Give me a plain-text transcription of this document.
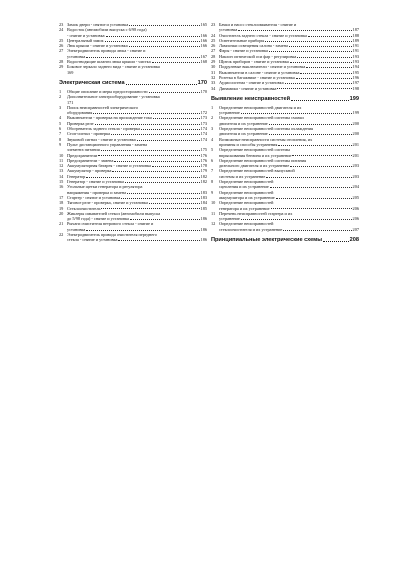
23 Замок двери - снятие и установка	165
24 Водосток (автомобили выпуска с 6/98 года)
- снятие и установка	166
25 Центральный замок	166
26 Люк крыши - снятие и установка	166
27 Электродвигатель привода люка - снятие и
установка	167
28 Водоотводящие шланги люка крыши - чистка	168
29 Боковое зеркало заднего вида - снятие и установка
169
Электрическая система	170
1	Общие описание и меры предосторожности	170
2	Дополнительное электрооборудование - установка
171
3	Поиск неисправностей электрического
оборудования	172
4	Выключатели - проверка на прохождение тока	173
5	Проверка реле	173
6	Обогреватель заднего стекла - проверка	174
7	Стоп-сигнал - проверка	174
8	Звуковой сигнал - снятие и установка	174
9	Пульт дистанционного управления - замена
элемента питания	175
10 Предохранители	176
11 Предохранители - замена	176
12 Аккумуляторная батарея - снятие и установка	178
13 Аккумулятор - проверка	179
14 Генератор	182
15 Генератор - снятие и установка	182
16 Угольные щетки генератора и регулятора
напряжения - проверка и замена	183
17 Стартер - снятие и установка	183
18 Тяговое реле - проверка, снятие и установка	184
19 Стеклоочиститель	185
20 Жиклеры омывателей стекол (автомобили выпуска
до 5/98 года) - снятие и установка	186
21 Рычаги очистителя ветрового стекла - снятие и
установка	186
22 Электродвигатель привода очистителя переднего
стекла - снятие и установка	186
23 Бачки и насос стеклоомывателя - снятие и
установка	187
24 Очиститель заднего стекла - снятие и установка	188
25 Осветительные приборы	189
26 Лампочки освещения салона - замена	191
27 Фары - снятие и установка	191
28 Наклон оптической оси фар - регулировка	193
29 Щиток приборов - снятие и установка	193
30 Подрулевые выключатели - снятие и установка	194
31 Выключатели в салоне - снятие и установка	195
32 Розетка в багажнике - снятие и установка	196
33 Аудиосистема - снятие и установка	197
34 Динамики - снятие и установка	198
Выявление неисправностей	199
1	Определение неисправностей двигателя и их
устранение	199
2	Определение неисправностей системы смазки
двигателя и их устранение	200
3	Определение неисправностей системы охлаждения
двигателя и их устранение	200
4	Возможные неисправности системы отопления, их
причины и способы устранения	201
5	Определение неисправностей системы
впрыскивания бензина и их устранение	201
6	Определение неисправностей системы питания
дизельного двигателя и их устранение	203
7	Определение неисправностей выпускной
системы и их устранение	203
8	Определение неисправностей
сцепления и их устранение	204
9	Определение неисправностей
аккумулятора и их устранение	205
10 Определение неисправностей
генератора и их устранение	206
11 Перечень неисправностей стартера и их
устранение	206
12 Определение неисправностей
стеклоочистителя и их устранение	207
Принципиальные электрические схемы	208
